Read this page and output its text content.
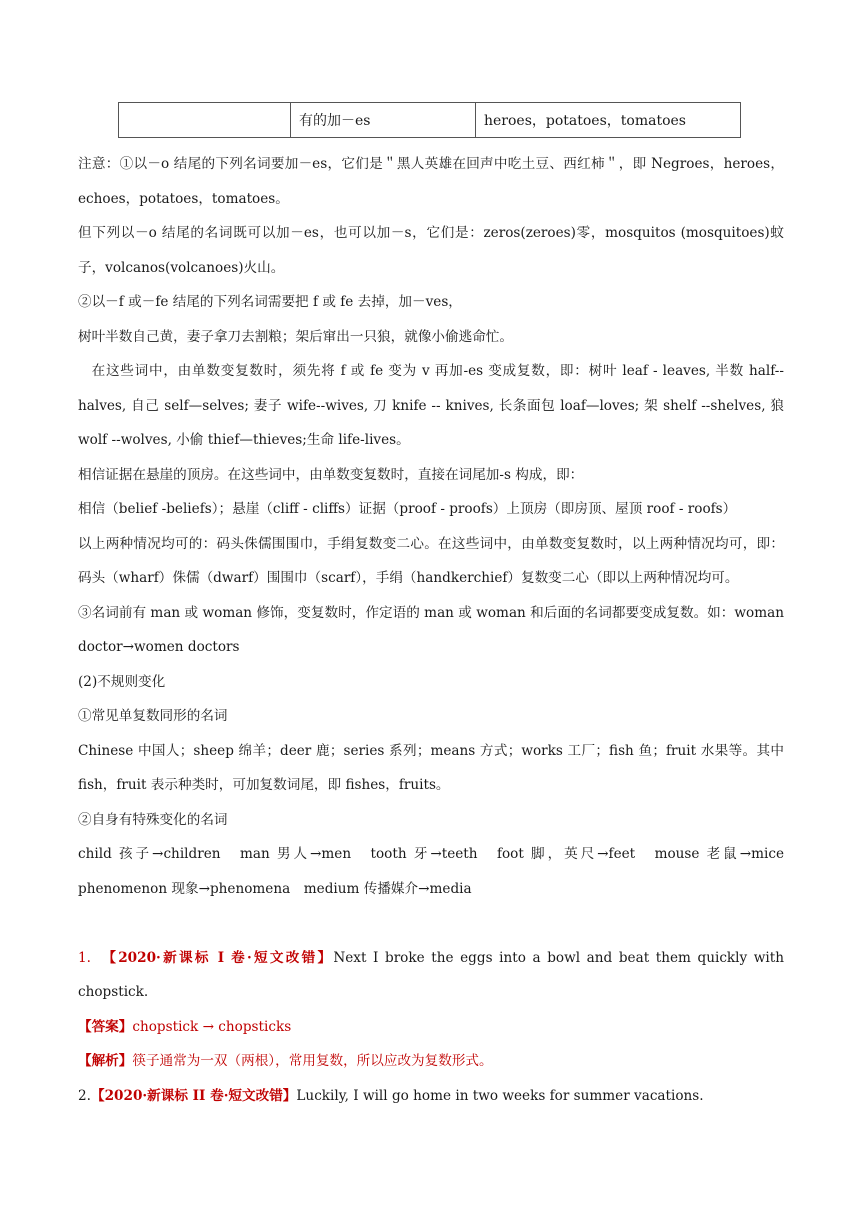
	有的加－es	heroes，potatoes，tomatoes

注意：①以－o 结尾的下列名词要加－es，它们是＂黑人英雄在回声中吃土豆、西红柿＂，即 Negroes，heroes，echoes，potatoes，tomatoes。

但下列以－o 结尾的名词既可以加－es，也可以加－s，它们是：zeros(zeroes)零，mosquitos (mosquitoes)蚊子，volcanos(volcanoes)火山。

②以－f 或－fe 结尾的下列名词需要把 f 或 fe 去掉，加－ves，

树叶半数自己黄，妻子拿刀去割粮；架后窜出一只狼，就像小偷逃命忙。

在这些词中，由单数变复数时，须先将 f 或 fe 变为 v 再加-es 变成复数，即：树叶 leaf - leaves, 半数 half--halves, 自己 self—selves; 妻子 wife--wives, 刀 knife -- knives, 长条面包 loaf—loves; 架 shelf --shelves, 狼 wolf --wolves, 小偷 thief—thieves;生命 life-lives。

相信证据在悬崖的顶房。在这些词中，由单数变复数时，直接在词尾加-s 构成，即：

相信（belief -beliefs）；悬崖（cliff - cliffs）证据（proof - proofs）上顶房（即房顶、屋顶 roof - roofs）

以上两种情况均可的：码头侏儒围围巾，手绢复数变二心。在这些词中，由单数变复数时，以上两种情况均可，即：码头（wharf）侏儒（dwarf）围围巾（scarf），手绢（handkerchief）复数变二心（即以上两种情况均可。

③名词前有 man 或 woman 修饰，变复数时，作定语的 man 或 woman 和后面的名词都要变成复数。如：woman doctor→women doctors

(2)不规则变化

①常见单复数同形的名词

Chinese 中国人；sheep 绵羊；deer 鹿；series 系列；means 方式；works 工厂；fish 鱼；fruit 水果等。其中 fish，fruit 表示种类时，可加复数词尾，即 fishes，fruits。

②自身有特殊变化的名词

child 孩子→children　man 男人→men　tooth 牙→teeth　foot 脚，英尺→feet　mouse 老鼠→mice phenomenon 现象→phenomena　medium 传播媒介→media

1.　【2020·新课标 I 卷·短文改错】Next I broke the eggs into a bowl and beat them quickly with chopstick.

【答案】chopstick → chopsticks

【解析】筷子通常为一双（两根），常用复数，所以应改为复数形式。

2.【2020·新课标 II 卷·短文改错】Luckily, I will go home in two weeks for summer vacations.
